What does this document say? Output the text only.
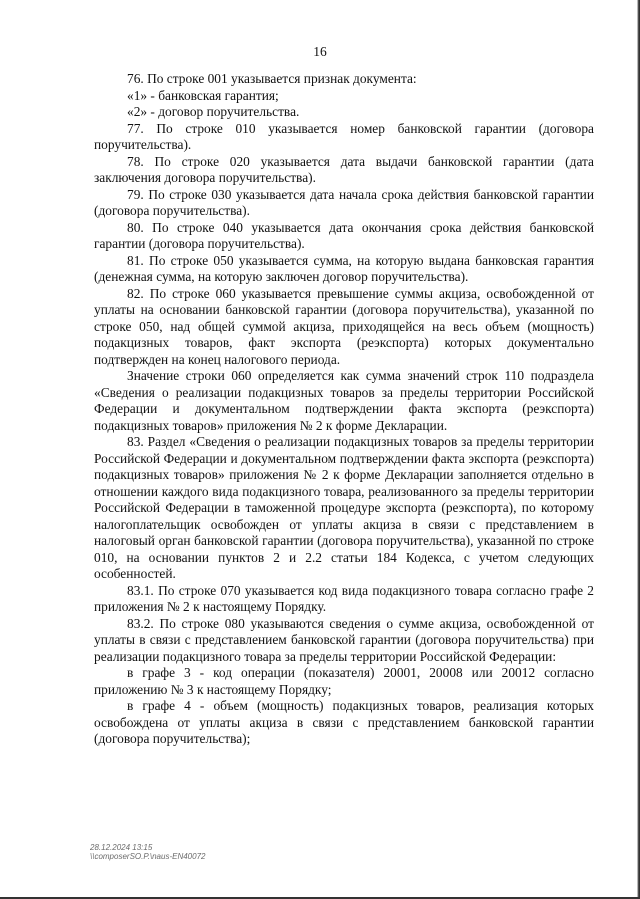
16

76. По строке 001 указывается признак документа:

«1» - банковская гарантия;

«2» - договор поручительства.

77. По строке 010 указывается номер банковской гарантии (договора поручительства).

78. По строке 020 указывается дата выдачи банковской гарантии (дата заключения договора поручительства).

79. По строке 030 указывается дата начала срока действия банковской гарантии (договора поручительства).

80. По строке 040 указывается дата окончания срока действия банковской гарантии (договора поручительства).

81. По строке 050 указывается сумма, на которую выдана банковская гарантия (денежная сумма, на которую заключен договор поручительства).

82. По строке 060 указывается превышение суммы акциза, освобожденной от уплаты на основании банковской гарантии (договора поручительства), указанной по строке 050, над общей суммой акциза, приходящейся на весь объем (мощность) подакцизных товаров, факт экспорта (реэкспорта) которых документально подтвержден на конец налогового периода.

Значение строки 060 определяется как сумма значений строк 110 подраздела «Сведения о реализации подакцизных товаров за пределы территории Российской Федерации и документальном подтверждении факта экспорта (реэкспорта) подакцизных товаров» приложения № 2 к форме Декларации.

83. Раздел «Сведения о реализации подакцизных товаров за пределы территории Российской Федерации и документальном подтверждении факта экспорта (реэкспорта) подакцизных товаров» приложения № 2 к форме Декларации заполняется отдельно в отношении каждого вида подакцизного товара, реализованного за пределы территории Российской Федерации в таможенной процедуре экспорта (реэкспорта), по которому налогоплательщик освобожден от уплаты акциза в связи с представлением в налоговый орган банковской гарантии (договора поручительства), указанной по строке 010, на основании пунктов 2 и 2.2 статьи 184 Кодекса, с учетом следующих особенностей.

83.1. По строке 070 указывается код вида подакцизного товара согласно графе 2 приложения № 2 к настоящему Порядку.

83.2. По строке 080 указываются сведения о сумме акциза, освобожденной от уплаты в связи с представлением банковской гарантии (договора поручительства) при реализации подакцизного товара за пределы территории Российской Федерации:

в графе 3 - код операции (показателя) 20001, 20008 или 20012 согласно приложению № 3 к настоящему Порядку;

в графе 4 - объем (мощность) подакцизных товаров, реализация которых освобождена от уплаты акциза в связи с представлением банковской гарантии (договора поручительства);

28.12.2024 13:15
\\composerSO.P.\naus-EN40072
